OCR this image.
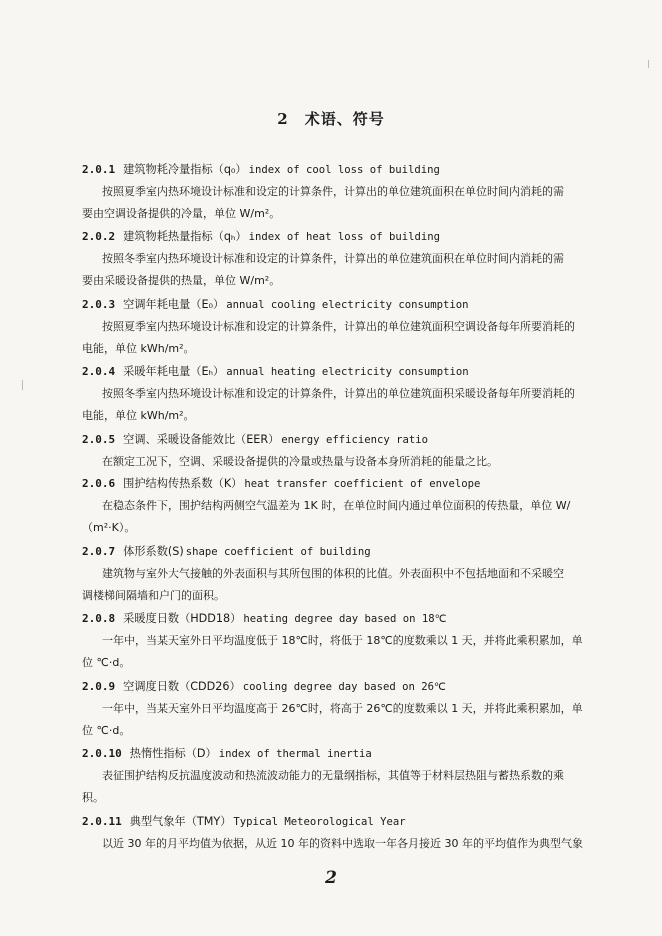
2　术语、符号
2.0.1 建筑物耗冷量指标（q₀） index of cool loss of building
按照夏季室内热环境设计标准和设定的计算条件，计算出的单位建筑面积在单位时间内消耗的需
要由空调设备提供的冷量，单位 W/m²。
2.0.2 建筑物耗热量指标（qₕ） index of heat loss of building
按照冬季室内热环境设计标准和设定的计算条件，计算出的单位建筑面积在单位时间内消耗的需
要由采暖设备提供的热量，单位 W/m²。
2.0.3 空调年耗电量（E₀） annual cooling electricity consumption
按照夏季室内热环境设计标准和设定的计算条件，计算出的单位建筑面积空调设备每年所要消耗的
电能，单位 kWh/m²。
2.0.4 采暖年耗电量（Eₕ） annual heating electricity consumption
按照冬季室内热环境设计标准和设定的计算条件，计算出的单位建筑面积采暖设备每年所要消耗的
电能，单位 kWh/m²。
2.0.5 空调、采暖设备能效比（EER） energy efficiency ratio
在额定工况下，空调、采暖设备提供的冷量或热量与设备本身所消耗的能量之比。
2.0.6 围护结构传热系数（K） heat transfer coefficient of envelope
在稳态条件下，围护结构两侧空气温差为 1K 时，在单位时间内通过单位面积的传热量，单位 W/
（m²·K）。
2.0.7 体形系数(S) shape coefficient of building
建筑物与室外大气接触的外表面积与其所包围的体积的比值。外表面积中不包括地面和不采暖空
调楼梯间隔墙和户门的面积。
2.0.8 采暖度日数（HDD18） heating degree day based on 18℃
一年中，当某天室外日平均温度低于 18℃时，将低于 18℃的度数乘以 1 天，并将此乘积累加，单
位 ℃·d。
2.0.9 空调度日数（CDD26） cooling degree day based on 26℃
一年中，当某天室外日平均温度高于 26℃时，将高于 26℃的度数乘以 1 天，并将此乘积累加，单
位 ℃·d。
2.0.10 热惰性指标（D） index of thermal inertia
表征围护结构反抗温度波动和热流波动能力的无量纲指标，其值等于材料层热阻与蓄热系数的乘
积。
2.0.11 典型气象年（TMY） Typical Meteorological Year
以近 30 年的月平均值为依据，从近 10 年的资料中选取一年各月接近 30 年的平均值作为典型气象
2
